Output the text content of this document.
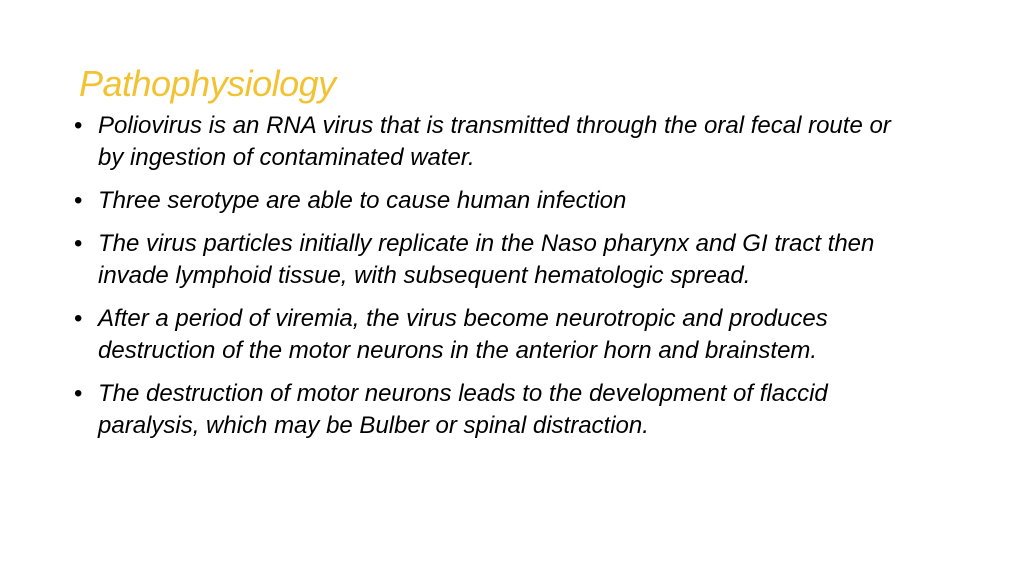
Pathophysiology
• Poliovirus is an RNA virus that is transmitted through the oral fecal route or by ingestion of contaminated water.
• Three serotype are able to cause human infection
• The virus particles initially replicate in the Naso pharynx and GI tract then invade lymphoid tissue, with subsequent hematologic spread.
• After a period of viremia, the virus become neurotropic and produces destruction of the motor neurons in the anterior horn and brainstem.
• The destruction of motor neurons leads to the development of flaccid paralysis, which may be Bulber or spinal distraction.
